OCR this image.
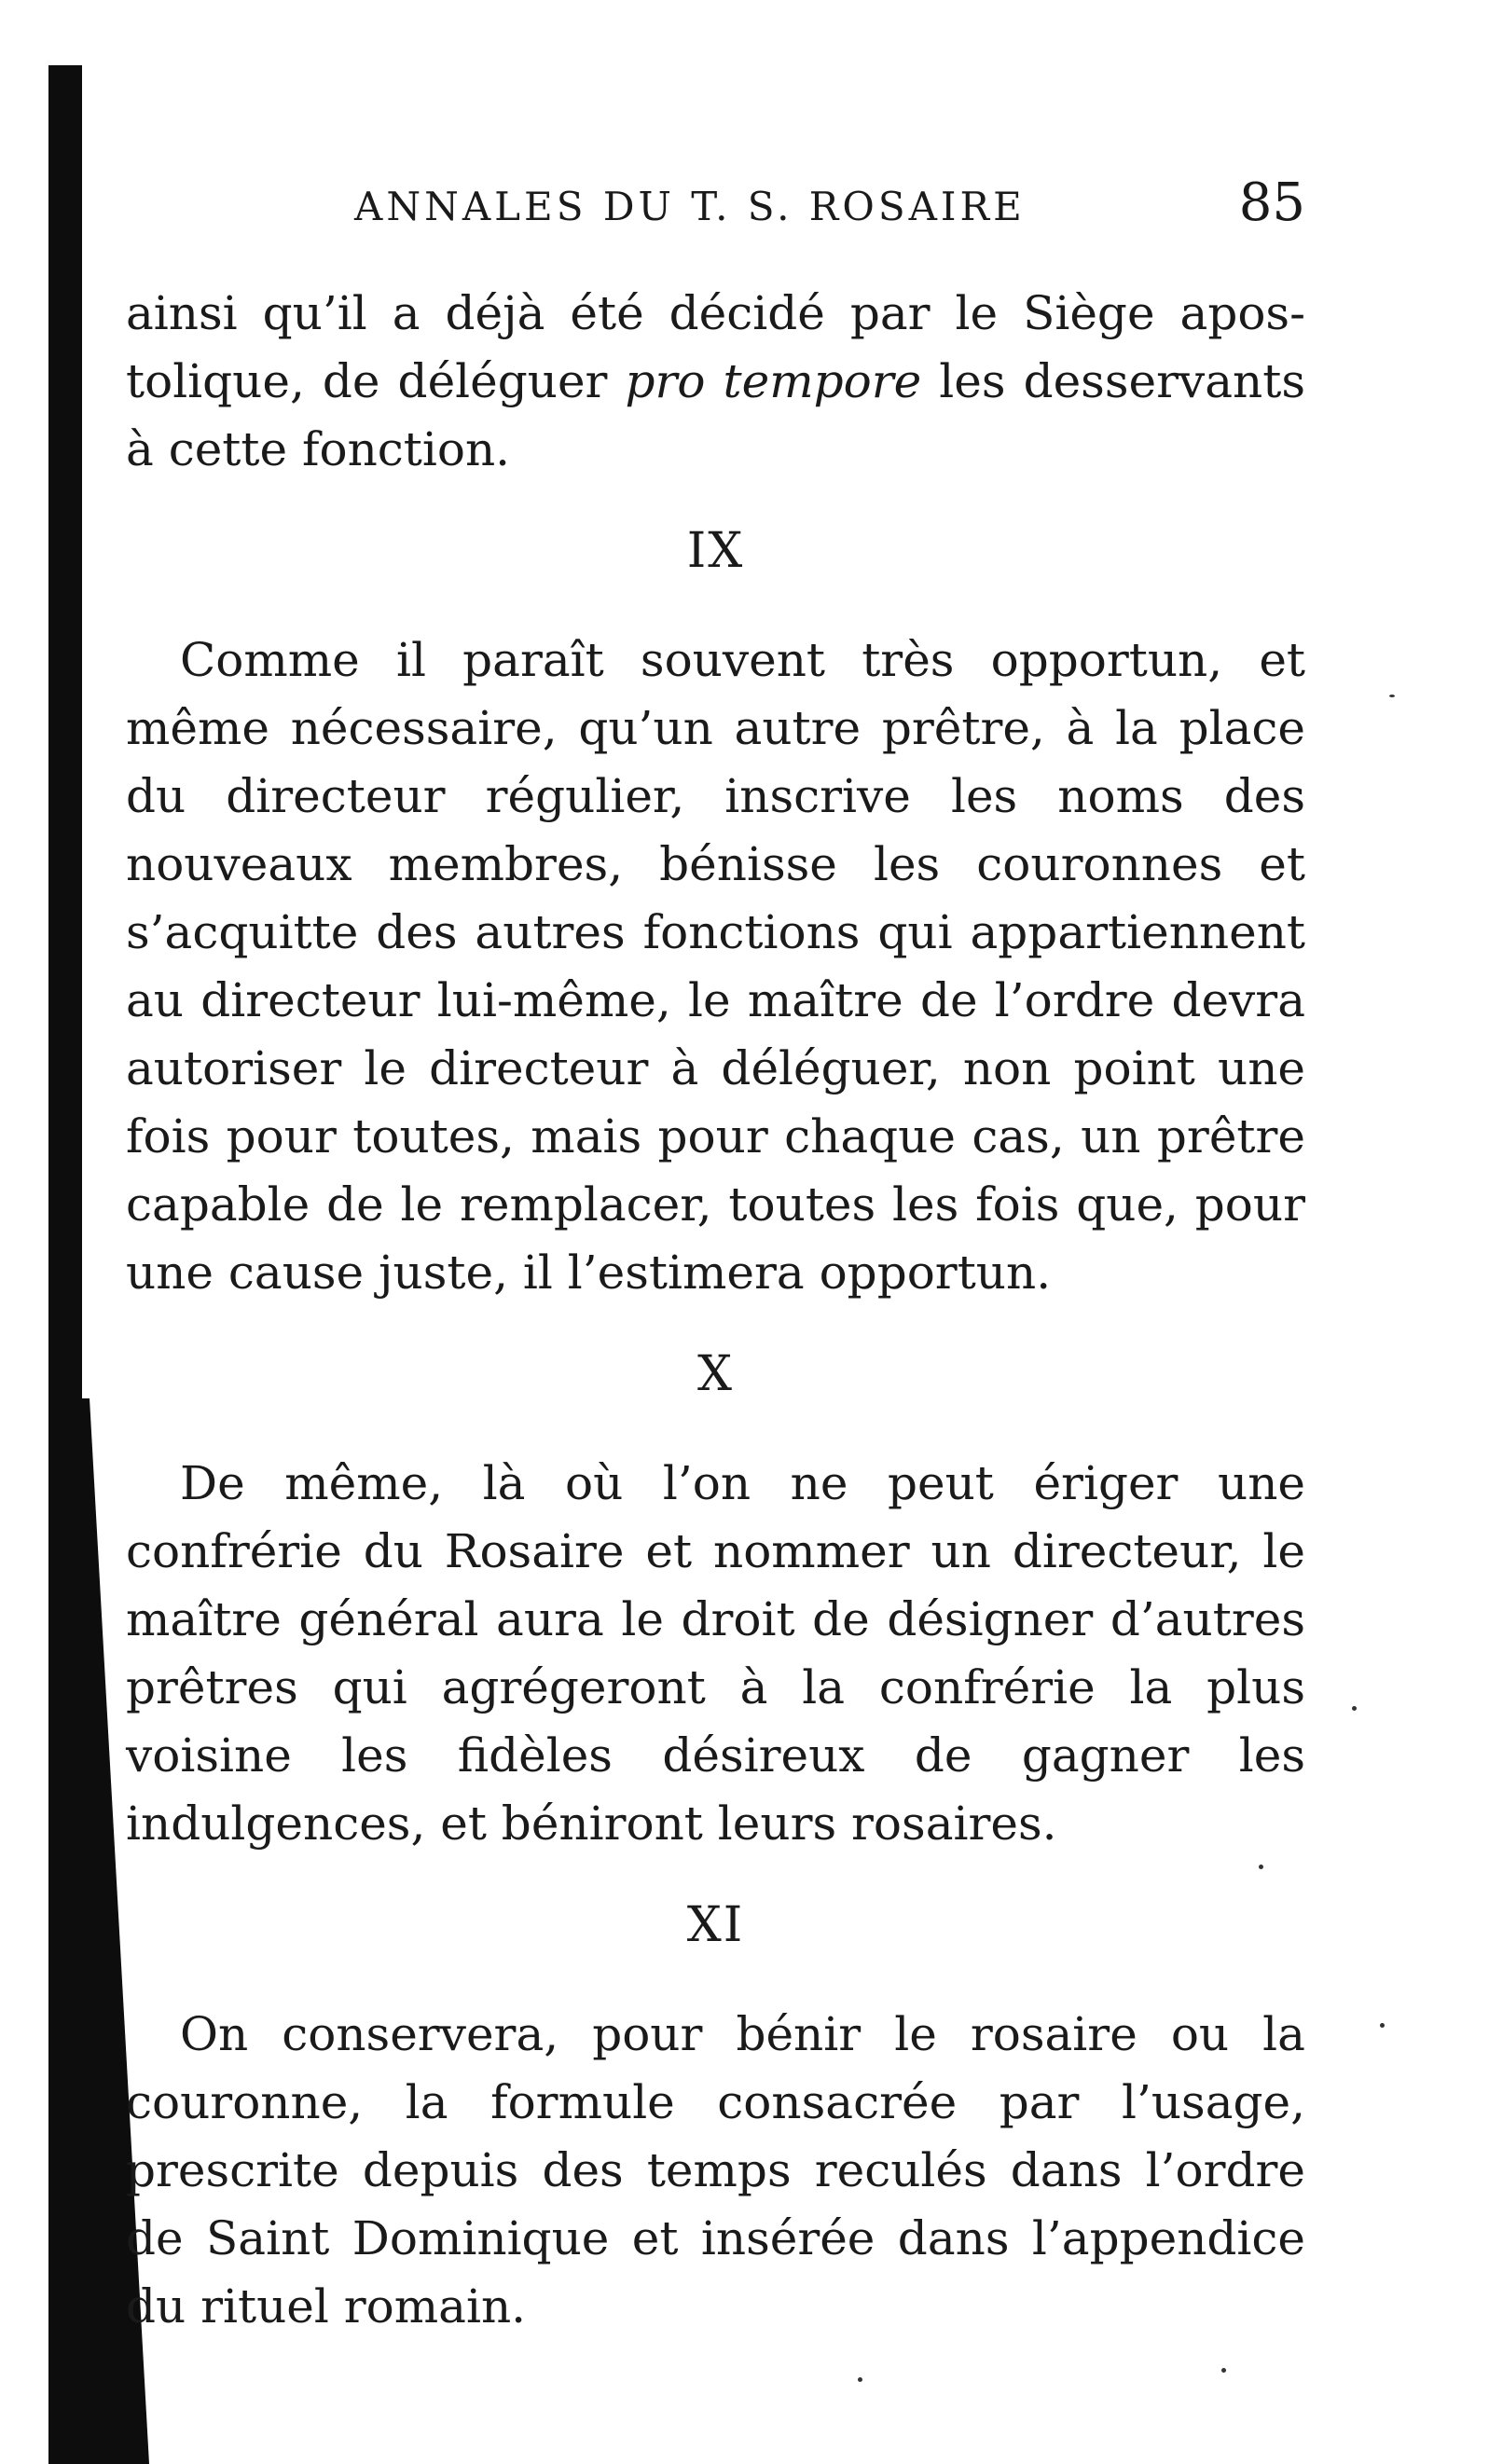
ANNALES DU T. S. ROSAIRE	85

ainsi qu’il a déjà été décidé par le Siège apos- tolique, de déléguer pro tempore les desservants à cette fonction.

IX

Comme il paraît souvent très opportun, et même nécessaire, qu’un autre prêtre, à la place du directeur régulier, inscrive les noms des nouveaux membres, bénisse les couronnes et s’acquitte des autres fonctions qui appartiennent au directeur lui-même, le maître de l’ordre devra autoriser le directeur à déléguer, non point une fois pour toutes, mais pour chaque cas, un prêtre capable de le remplacer, toutes les fois que, pour une cause juste, il l’estimera opportun.

X

De même, là où l’on ne peut ériger une confrérie du Rosaire et nommer un directeur, le maître général aura le droit de désigner d’autres prêtres qui agrégeront à la confrérie la plus voisine les fidèles désireux de gagner les indulgences, et béniront leurs rosaires.

XI

On conservera, pour bénir le rosaire ou la couronne, la formule consacrée par l’usage, prescrite depuis des temps reculés dans l’ordre de Saint Dominique et insérée dans l’appendice du rituel romain.
